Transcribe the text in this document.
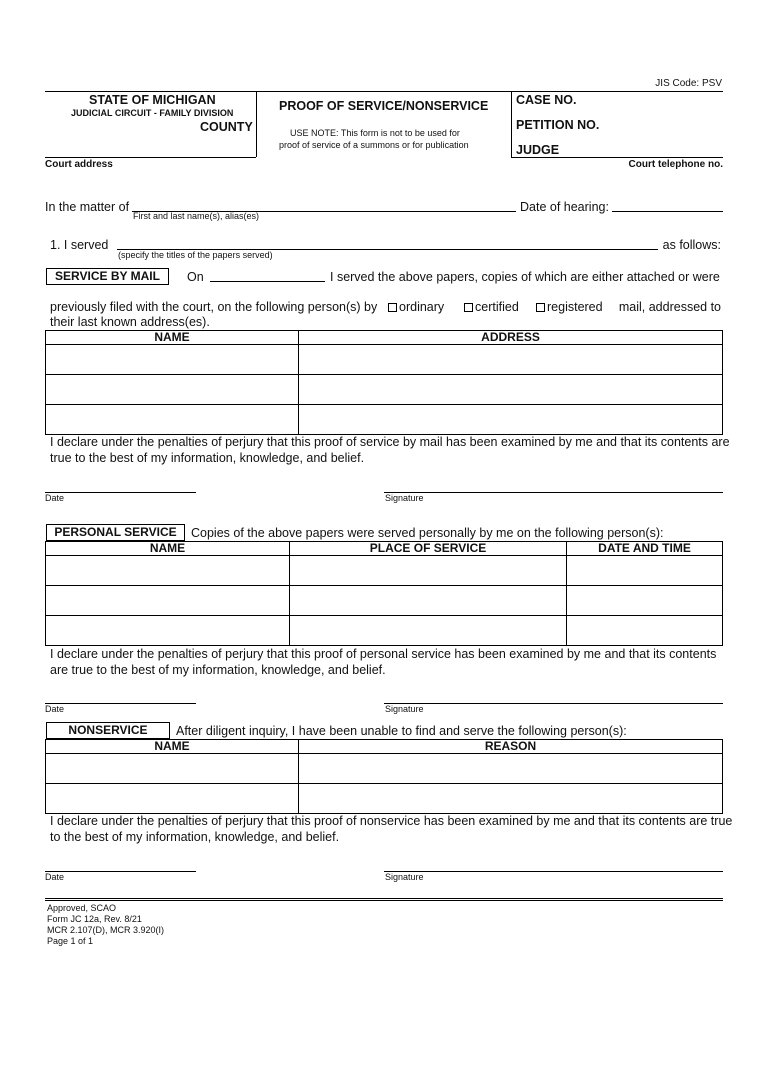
JIS Code: PSV
STATE OF MICHIGAN
JUDICIAL CIRCUIT - FAMILY DIVISION
COUNTY
PROOF OF SERVICE/NONSERVICE
USE NOTE: This form is not to be used for
proof of service of a summons or for publication
CASE NO.
PETITION NO.
JUDGE
Court address	Court telephone no.
In the matter of
First and last name(s), alias(es)
Date of hearing:
1. I served
(specify the titles of the papers served)
as follows:
SERVICE BY MAIL	On	I served the above papers, copies of which are either attached or were
previously filed with the court, on the following person(s) by	ordinary	certified	registered mail, addressed to
their last known address(es).
NAME	ADDRESS

I declare under the penalties of perjury that this proof of service by mail has been examined by me and that its contents are
true to the best of my information, knowledge, and belief.
Date	Signature
PERSONAL SERVICE	Copies of the above papers were served personally by me on the following person(s):
NAME	PLACE OF SERVICE	DATE AND TIME

I declare under the penalties of perjury that this proof of personal service has been examined by me and that its contents
are true to the best of my information, knowledge, and belief.
Date	Signature
NONSERVICE	After diligent inquiry, I have been unable to find and serve the following person(s):
NAME	REASON

I declare under the penalties of perjury that this proof of nonservice has been examined by me and that its contents are true
to the best of my information, knowledge, and belief.
Date	Signature
Approved, SCAO
Form JC 12a, Rev. 8/21
MCR 2.107(D), MCR 3.920(I)
Page 1 of 1
